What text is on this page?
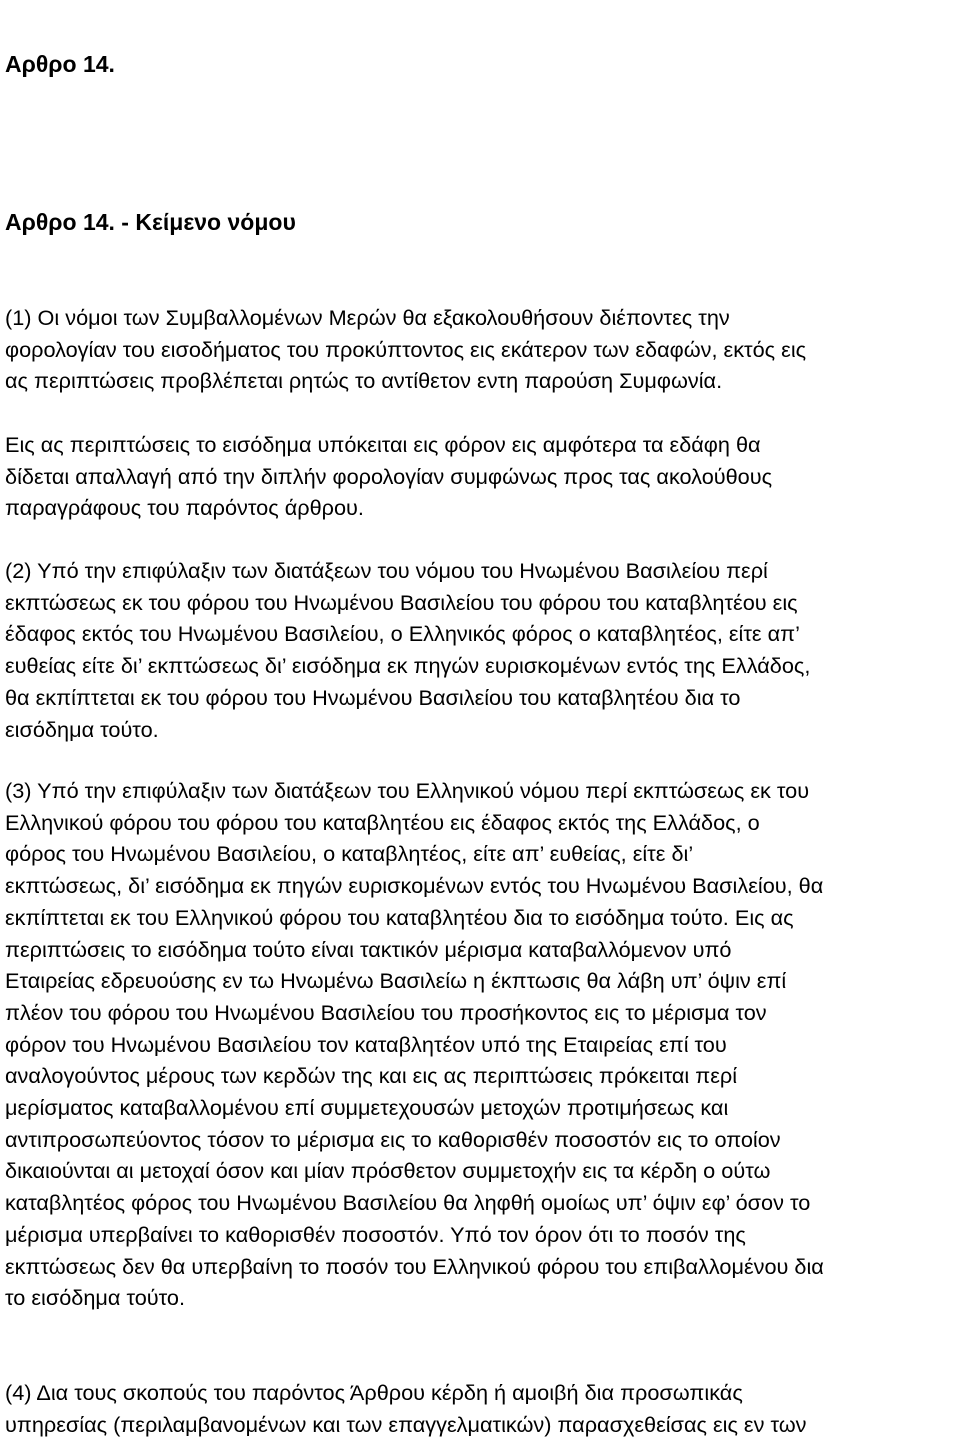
Αρθρο 14.
Αρθρο 14. - Κείμενο νόμου
(1) Οι νόμοι των Συμβαλλομένων Μερών θα εξακολουθήσουν διέποντες την
φορολογίαν του εισοδήματος του προκύπτοντος εις εκάτερον των εδαφών, εκτός εις
ας περιπτώσεις προβλέπεται ρητώς το αντίθετον εντη παρούση Συμφωνία.
Εις ας περιπτώσεις το εισόδημα υπόκειται εις φόρον εις αμφότερα τα εδάφη θα
δίδεται απαλλαγή από την διπλήν φορολογίαν συμφώνως προς τας ακολούθους
παραγράφους του παρόντος άρθρου.
(2) Υπό την επιφύλαξιν των διατάξεων του νόμου του Ηνωμένου Βασιλείου περί
εκπτώσεως εκ του φόρου του Ηνωμένου Βασιλείου του φόρου του καταβλητέου εις
έδαφος εκτός του Ηνωμένου Βασιλείου, ο Ελληνικός φόρος ο καταβλητέος, είτε απ’
ευθείας είτε δι’ εκπτώσεως δι’ εισόδημα εκ πηγών ευρισκομένων εντός της Ελλάδος,
θα εκπίπτεται εκ του φόρου του Ηνωμένου Βασιλείου του καταβλητέου δια το
εισόδημα τούτο.
(3) Υπό την επιφύλαξιν των διατάξεων του Ελληνικού νόμου περί εκπτώσεως εκ του
Ελληνικού φόρου του φόρου του καταβλητέου εις έδαφος εκτός της Ελλάδος, ο
φόρος του Ηνωμένου Βασιλείου, ο καταβλητέος, είτε απ’ ευθείας, είτε δι’
εκπτώσεως, δι’ εισόδημα εκ πηγών ευρισκομένων εντός του Ηνωμένου Βασιλείου, θα
εκπίπτεται εκ του Ελληνικού φόρου του καταβλητέου δια το εισόδημα τούτο. Εις ας
περιπτώσεις το εισόδημα τούτο είναι τακτικόν μέρισμα καταβαλλόμενον υπό
Εταιρείας εδρευούσης εν τω Ηνωμένω Βασιλείω η έκπτωσις θα λάβη υπ’ όψιν επί
πλέον του φόρου του Ηνωμένου Βασιλείου του προσήκοντος εις το μέρισμα τον
φόρον του Ηνωμένου Βασιλείου τον καταβλητέον υπό της Εταιρείας επί του
αναλογούντος μέρους των κερδών της και εις ας περιπτώσεις πρόκειται περί
μερίσματος καταβαλλομένου επί συμμετεχουσών μετοχών προτιμήσεως και
αντιπροσωπεύοντος τόσον το μέρισμα εις το καθορισθέν ποσοστόν εις το οποίον
δικαιούνται αι μετοχαί όσον και μίαν πρόσθετον συμμετοχήν εις τα κέρδη ο ούτω
καταβλητέος φόρος του Ηνωμένου Βασιλείου θα ληφθή ομοίως υπ’ όψιν εφ’ όσον το
μέρισμα υπερβαίνει το καθορισθέν ποσοστόν. Υπό τον όρον ότι το ποσόν της
εκπτώσεως δεν θα υπερβαίνη το ποσόν του Ελληνικού φόρου του επιβαλλομένου δια
το εισόδημα τούτο.
(4) Δια τους σκοπούς του παρόντος Άρθρου κέρδη ή αμοιβή δια προσωπικάς
υπηρεσίας (περιλαμβανομένων και των επαγγελματικών) παρασχεθείσας εις εν των
